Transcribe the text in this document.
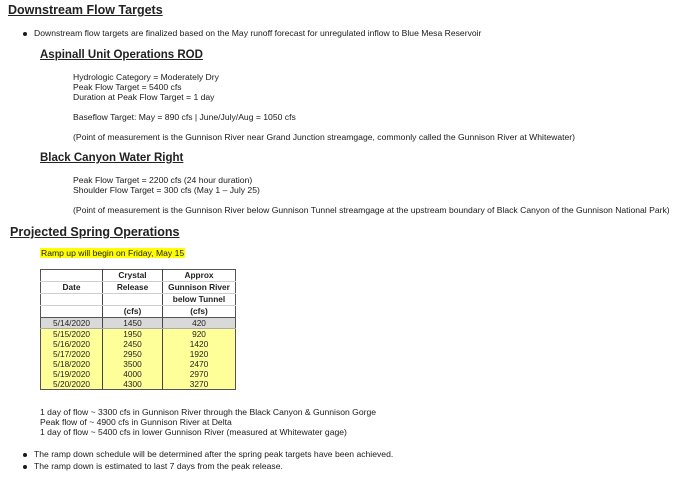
Downstream Flow Targets
Downstream flow targets are finalized based on the May runoff forecast for unregulated inflow to Blue Mesa Reservoir
Aspinall Unit Operations ROD
Hydrologic Category = Moderately Dry
Peak Flow Target = 5400 cfs
Duration at Peak Flow Target = 1 day
Baseflow Target: May = 890 cfs | June/July/Aug = 1050 cfs
(Point of measurement is the Gunnison River near Grand Junction streamgage, commonly called the Gunnison River at Whitewater)
Black Canyon Water Right
Peak Flow Target = 2200 cfs (24 hour duration)
Shoulder Flow Target = 300 cfs (May 1 – July 25)
(Point of measurement is the Gunnison River below Gunnison Tunnel streamgage at the upstream boundary of Black Canyon of the Gunnison National Park)
Projected Spring Operations
Ramp up will begin on Friday, May 15
	Crystal	Approx
Date	Release	Gunnison River
		below Tunnel
	(cfs)	(cfs)
5/14/2020	1450	420
5/15/2020	1950	920
5/16/2020	2450	1420
5/17/2020	2950	1920
5/18/2020	3500	2470
5/19/2020	4000	2970
5/20/2020	4300	3270
1 day of flow ~ 3300 cfs in Gunnison River through the Black Canyon & Gunnison Gorge
Peak flow of ~ 4900 cfs in Gunnison River at Delta
1 day of flow ~ 5400 cfs in lower Gunnison River (measured at Whitewater gage)
The ramp down schedule will be determined after the spring peak targets have been achieved.
The ramp down is estimated to last 7 days from the peak release.
